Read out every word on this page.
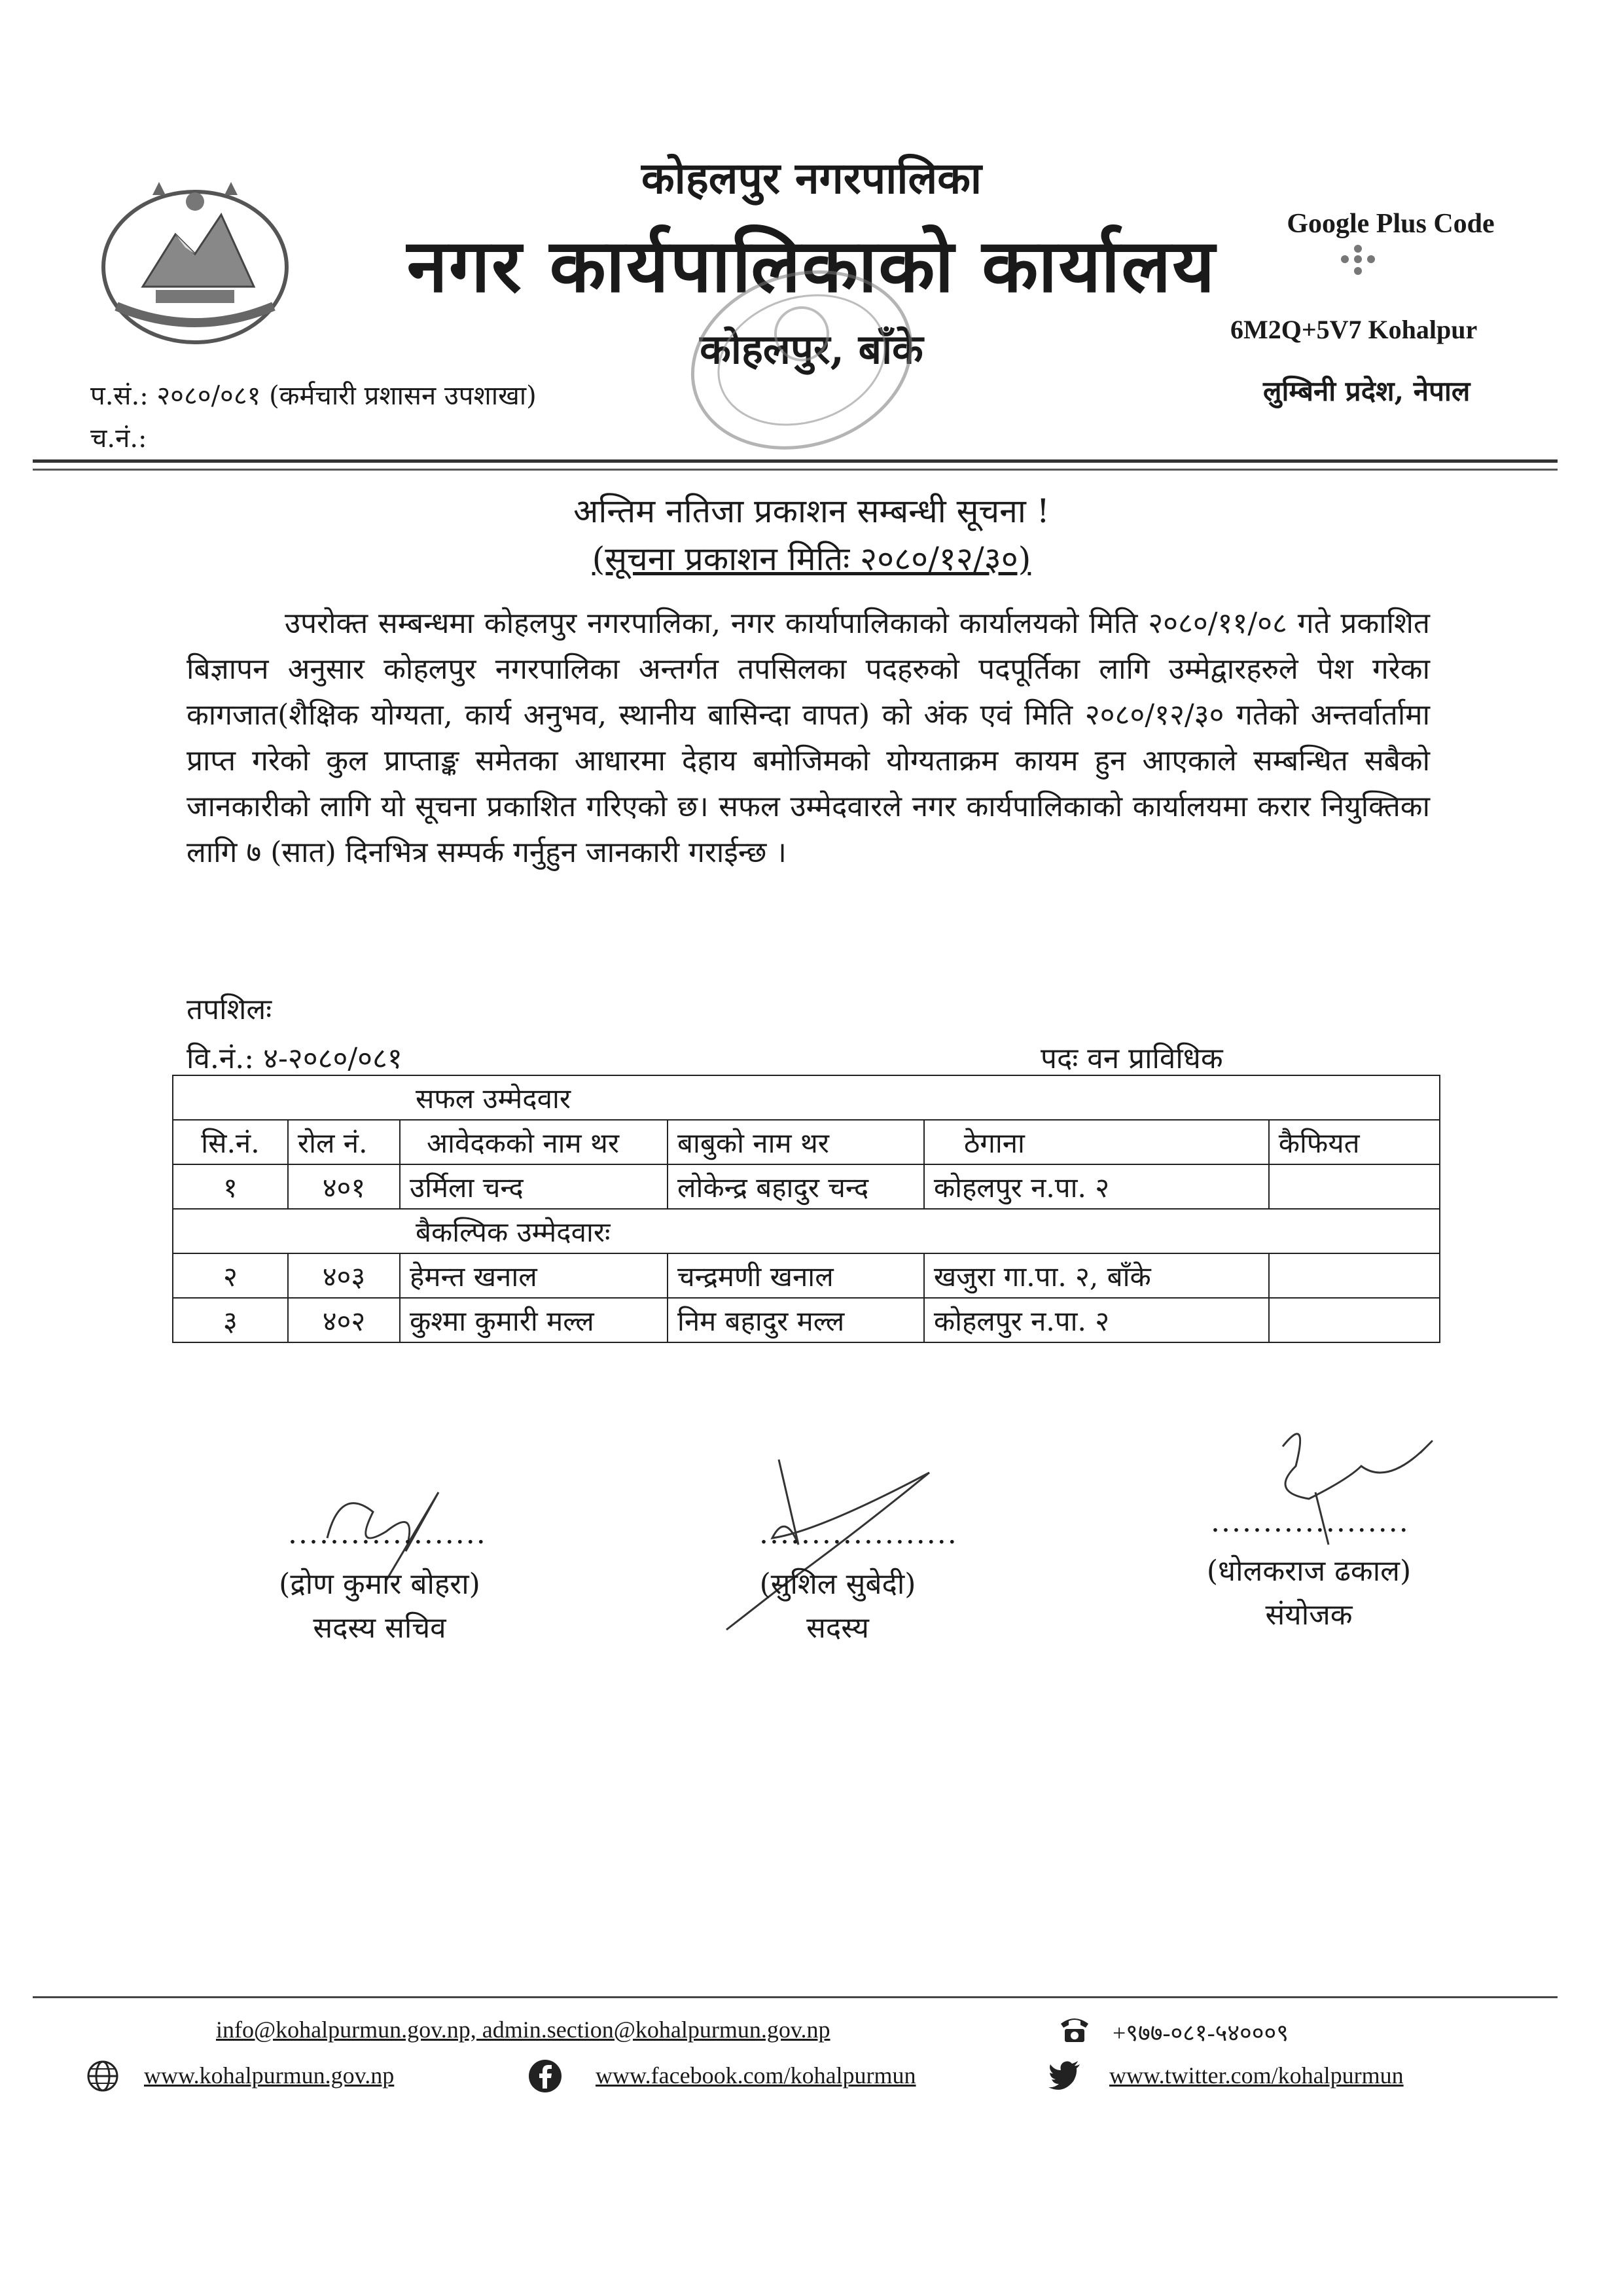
कोहलपुर नगरपालिका
नगर कार्यपालिकाको कार्यालय
कोहलपुर, बाँके
Google Plus Code
6M2Q+5V7 Kohalpur
लुम्बिनी प्रदेश, नेपाल
प.सं.: २०८०/०८१ (कर्मचारी प्रशासन उपशाखा)
च.नं.:
अन्तिम नतिजा प्रकाशन सम्बन्धी सूचना !
(सूचना प्रकाशन मितिः २०८०/१२/३०)
उपरोक्त सम्बन्धमा कोहलपुर नगरपालिका, नगर कार्यापालिकाको कार्यालयको मिति २०८०/११/०८ गते प्रकाशित बिज्ञापन अनुसार कोहलपुर नगरपालिका अन्तर्गत तपसिलका पदहरुको पदपूर्तिका लागि उम्मेद्वारहरुले पेश गरेका कागजात(शैक्षिक योग्यता, कार्य अनुभव, स्थानीय बासिन्दा वापत) को अंक एवं मिति २०८०/१२/३० गतेको अन्तर्वार्तामा प्राप्त गरेको कुल प्राप्ताङ्क समेतका आधारमा देहाय बमोजिमको योग्यताक्रम कायम हुन आएकाले सम्बन्धित सबैको जानकारीको लागि यो सूचना प्रकाशित गरिएको छ। सफल उम्मेदवारले नगर कार्यपालिकाको कार्यालयमा करार नियुक्तिका लागि ७ (सात) दिनभित्र सम्पर्क गर्नुहुन जानकारी गराईन्छ ।
तपशिलः
वि.नं.: ४-२०८०/०८१	पदः वन प्राविधिक
सफल उम्मेदवार					
सि.नं.	रोल नं.	आवेदकको नाम थर	बाबुको नाम थर	ठेगाना	कैफियत
१	४०१	उर्मिला चन्द	लोकेन्द्र बहादुर चन्द	कोहलपुर न.पा. २	
बैकल्पिक उम्मेदवारः					
२	४०३	हेमन्त खनाल	चन्द्रमणी खनाल	खजुरा गा.पा. २, बाँके	
३	४०२	कुश्मा कुमारी मल्ल	निम बहादुर मल्ल	कोहलपुर न.पा. २	
...................
(द्रोण कुमार बोहरा)
सदस्य सचिव
...................
(सुशिल सुबेदी)
सदस्य
...................
(धोलकराज ढकाल)
संयोजक
info@kohalpurmun.gov.np, admin.section@kohalpurmun.gov.np	+९७७-०८१-५४०००९
www.kohalpurmun.gov.np	www.facebook.com/kohalpurmun	www.twitter.com/kohalpurmun
